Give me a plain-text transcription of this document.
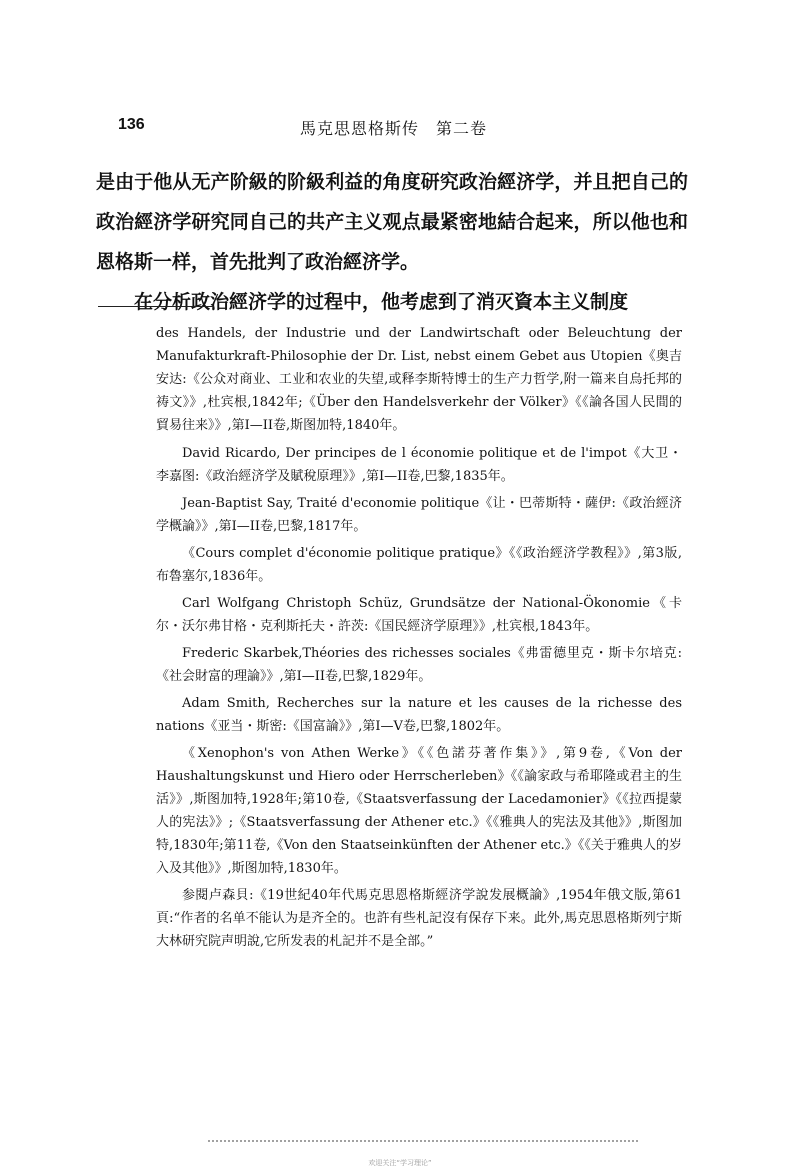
136	馬克思恩格斯传　第二卷

是由于他从无产阶級的阶級利益的角度研究政治經济学，并且把自己的政治經济学研究同自己的共产主义观点最紧密地結合起来，所以他也和恩格斯一样，首先批判了政治經济学。

在分析政治經济学的过程中，他考虑到了消灭資本主义制度

des Handels, der Industrie und der Landwirtschaft oder Beleuchtung der Manufakturkraft-Philosophie der Dr. List, nebst einem Gebet aus Utopien《奥吉安达:《公众对商业、工业和农业的失望,或释李斯特博士的生产力哲学,附一篇来自烏托邦的祷文》》,杜宾根,1842年;《Über den Handelsverkehr der Völker》《《論各国人民間的貿易往来》》,第I—II卷,斯图加特,1840年。

David Ricardo, Der principes de l économie politique et de l'impot《大卫・李嘉图:《政治經济学及賦稅原理》》,第I—II卷,巴黎,1835年。

Jean-Baptist Say, Traité d'economie politique《让・巴蒂斯特・薩伊:《政治經济学概論》》,第I—II卷,巴黎,1817年。

《Cours complet d'économie politique pratique》《《政治經济学教程》》,第3版,布魯塞尔,1836年。

Carl Wolfgang Christoph Schüz, Grundsätze der National-Ökonomie《卡尔・沃尔弗甘格・克利斯托夫・許茨:《国民經济学原理》》,杜宾根,1843年。

Frederic Skarbek,Théories des richesses sociales《弗雷德里克・斯卡尔培克:《社会財富的理論》》,第I—II卷,巴黎,1829年。

Adam Smith, Recherches sur la nature et les causes de la richesse des nations《亚当・斯密:《国富論》》,第I—V卷,巴黎,1802年。

《Xenophon's von Athen Werke》《《色諾芬著作集》》,第9卷,《Von der Haushaltungskunst und Hiero oder Herrscherleben》《《論家政与希耶隆或君主的生活》》,斯图加特,1928年;第10卷,《Staatsverfassung der Lacedamonier》《《拉西提蒙人的宪法》》;《Staatsverfassung der Athener etc.》《《雅典人的宪法及其他》》,斯图加特,1830年;第11卷,《Von den Staatseinkünften der Athener etc.》《《关于雅典人的岁入及其他》》,斯图加特,1830年。

参閱卢森貝:《19世紀40年代馬克思恩格斯經济学說发展概論》,1954年俄文版,第61頁:“作者的名单不能认为是齐全的。也許有些札記沒有保存下来。此外,馬克思恩格斯列宁斯大林研究院声明說,它所发表的札記并不是全部。”

欢迎关注“学习理论”
